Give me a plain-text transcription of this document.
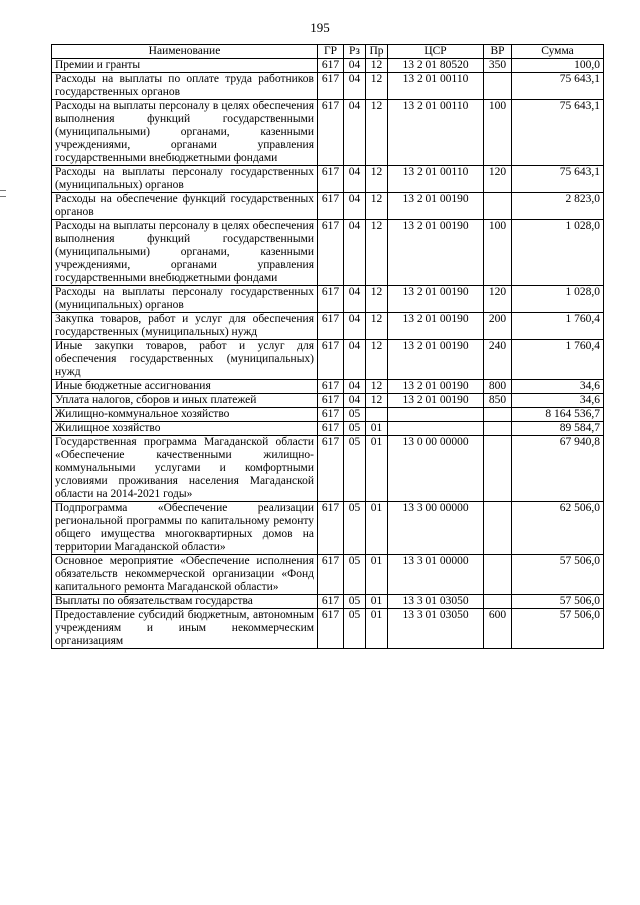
195
Наименование	ГР	Рз	Пр	ЦСР	ВР	Сумма
Премии и гранты	617	04	12	13 2 01 80520	350	100,0
Расходы на выплаты по оплате труда работников государственных органов	617	04	12	13 2 01 00110		75 643,1
Расходы на выплаты персоналу в целях обеспечения выполнения функций государственными (муниципальными) органами, казенными учреждениями, органами управления государственными внебюджетными фондами	617	04	12	13 2 01 00110	100	75 643,1
Расходы на выплаты персоналу государственных (муниципальных) органов	617	04	12	13 2 01 00110	120	75 643,1
Расходы на обеспечение функций государственных органов	617	04	12	13 2 01 00190		2 823,0
Расходы на выплаты персоналу в целях обеспечения выполнения функций государственными (муниципальными) органами, казенными учреждениями, органами управления государственными внебюджетными фондами	617	04	12	13 2 01 00190	100	1 028,0
Расходы на выплаты персоналу государственных (муниципальных) органов	617	04	12	13 2 01 00190	120	1 028,0
Закупка товаров, работ и услуг для обеспечения государственных (муниципальных) нужд	617	04	12	13 2 01 00190	200	1 760,4
Иные закупки товаров, работ и услуг для обеспечения государственных (муниципальных) нужд	617	04	12	13 2 01 00190	240	1 760,4
Иные бюджетные ассигнования	617	04	12	13 2 01 00190	800	34,6
Уплата налогов, сборов и иных платежей	617	04	12	13 2 01 00190	850	34,6
Жилищно-коммунальное хозяйство	617	05				8 164 536,7
Жилищное хозяйство	617	05	01			89 584,7
Государственная программа Магаданской области «Обеспечение качественными жилищно-коммунальными услугами и комфортными условиями проживания населения Магаданской области на 2014-2021 годы»	617	05	01	13 0 00 00000		67 940,8
Подпрограмма «Обеспечение реализации региональной программы по капитальному ремонту общего имущества многоквартирных домов на территории Магаданской области»	617	05	01	13 3 00 00000		62 506,0
Основное мероприятие «Обеспечение исполнения обязательств некоммерческой организации «Фонд капитального ремонта Магаданской области»	617	05	01	13 3 01 00000		57 506,0
Выплаты по обязательствам государства	617	05	01	13 3 01 03050		57 506,0
Предоставление субсидий бюджетным, автономным учреждениям и иным некоммерческим организациям	617	05	01	13 3 01 03050	600	57 506,0
